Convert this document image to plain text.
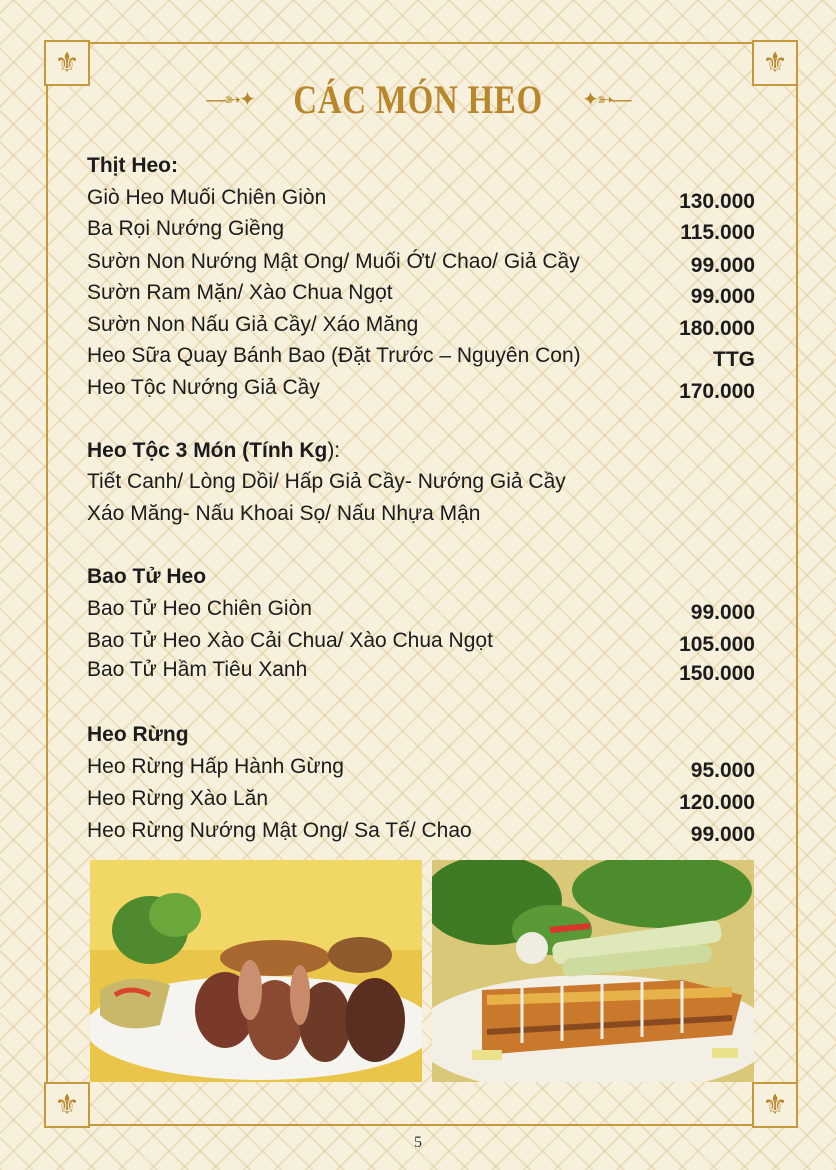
⚜	⚜
⚜	⚜
—➳✦ CÁC MÓN HEO ✦➳—
Thịt Heo:
Giò Heo Muối Chiên Giòn	130.000
Ba Rọi Nướng Giềng	115.000
Sườn Non Nướng Mật Ong/ Muối Ớt/ Chao/ Giả Cầy	99.000
Sườn Ram Mặn/ Xào Chua Ngọt	99.000
Sườn Non Nấu Giả Cầy/ Xáo Măng	180.000
Heo Sữa Quay Bánh Bao (Đặt Trước – Nguyên Con)	TTG
Heo Tộc Nướng Giả Cầy	170.000
Heo Tộc 3 Món (Tính Kg):
Tiết Canh/ Lòng Dồi/ Hấp Giả Cầy- Nướng Giả Cầy
Xáo Măng- Nấu Khoai Sọ/ Nấu Nhựa Mận
Bao Tử Heo
Bao Tử Heo Chiên Giòn	99.000
Bao Tử Heo Xào Cải Chua/ Xào Chua Ngọt	105.000
Bao Tử Hầm Tiêu Xanh	150.000
Heo Rừng
Heo Rừng Hấp Hành Gừng	95.000
Heo Rừng Xào Lăn	120.000
Heo Rừng Nướng Mật Ong/ Sa Tế/ Chao	99.000
5
